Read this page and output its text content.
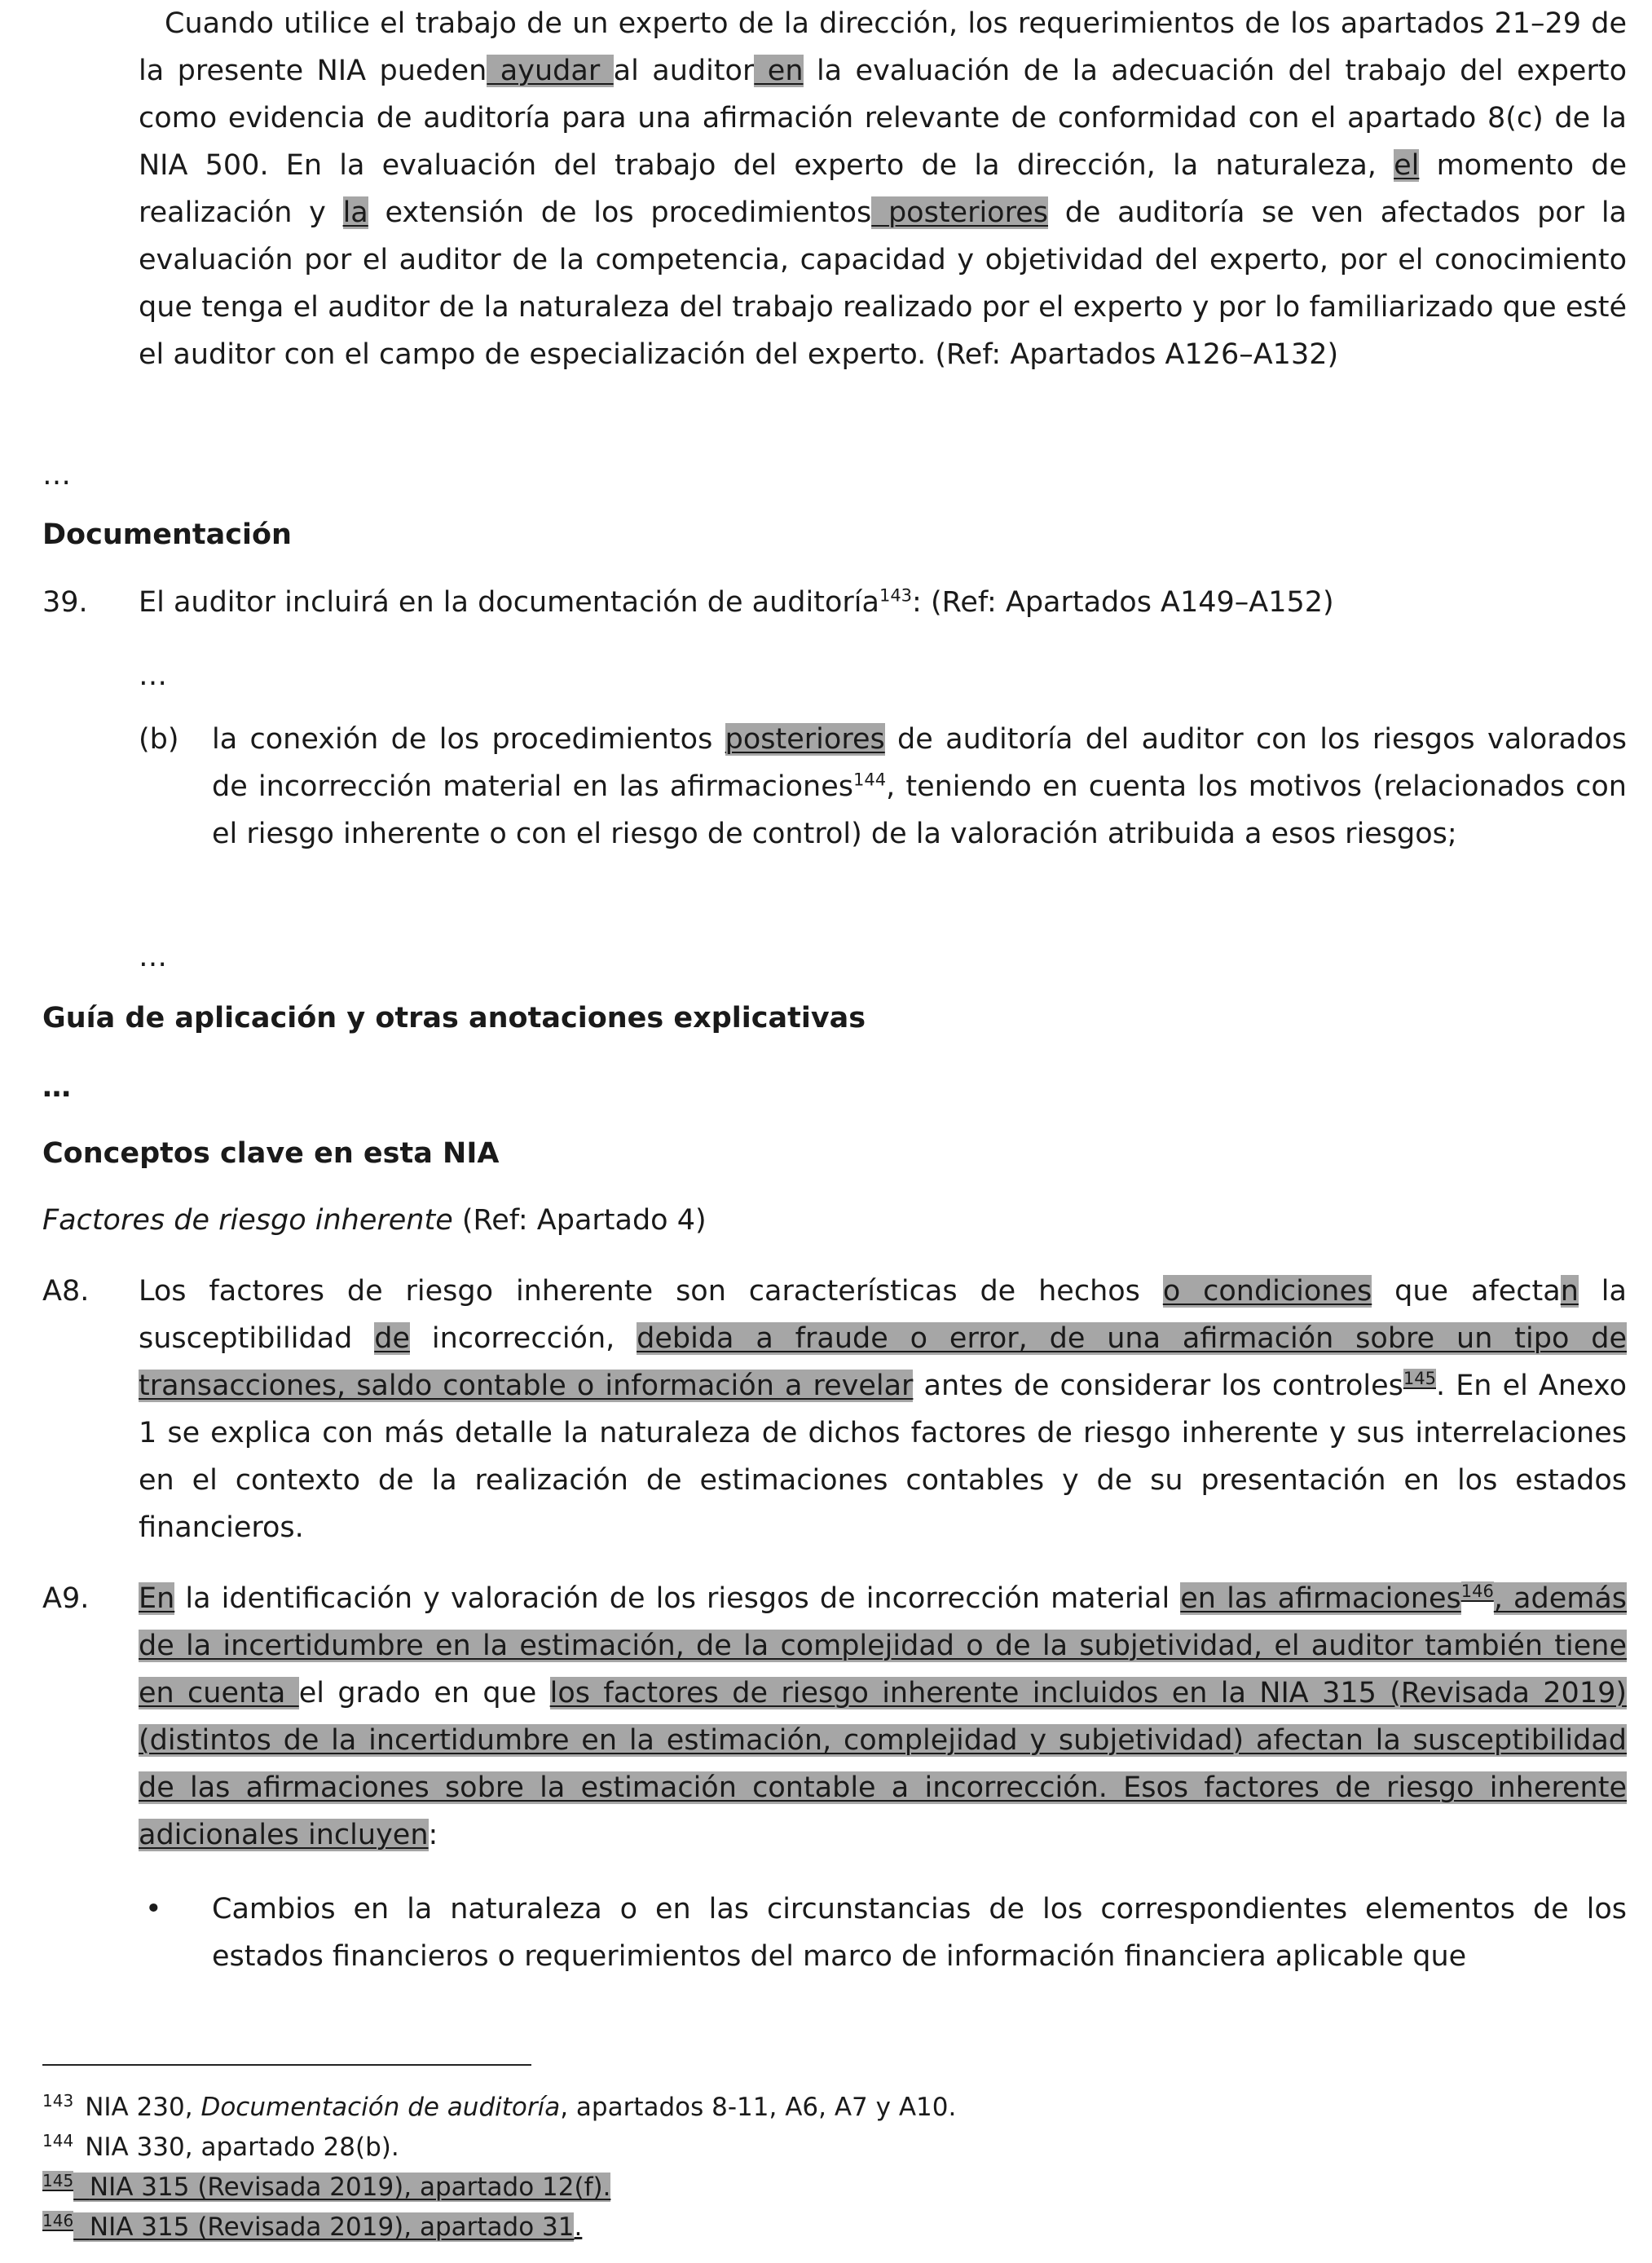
Cuando utilice el trabajo de un experto de la dirección, los requerimientos de los apartados 21–29 de la presente NIA pueden ayudar al auditor en la evaluación de la adecuación del trabajo del experto como evidencia de auditoría para una afirmación relevante de conformidad con el apartado 8(c) de la NIA 500. En la evaluación del trabajo del experto de la dirección, la naturaleza, el momento de realización y la extensión de los procedimientos posteriores de auditoría se ven afectados por la evaluación por el auditor de la competencia, capacidad y objetividad del experto, por el conocimiento que tenga el auditor de la naturaleza del trabajo realizado por el experto y por lo familiarizado que esté el auditor con el campo de especialización del experto. (Ref: Apartados A126–A132)
…
Documentación
39. El auditor incluirá en la documentación de auditoría$^{143}$: (Ref: Apartados A149–A152)
…
(b) la conexión de los procedimientos posteriores de auditoría del auditor con los riesgos valorados de incorrección material en las afirmaciones$^{144}$, teniendo en cuenta los motivos (relacionados con el riesgo inherente o con el riesgo de control) de la valoración atribuida a esos riesgos;
…
Guía de aplicación y otras anotaciones explicativas
…
Conceptos clave en esta NIA
Factores de riesgo inherente (Ref: Apartado 4)
A8. Los factores de riesgo inherente son características de hechos o condiciones que afectan la susceptibilidad de incorrección, debida a fraude o error, de una afirmación sobre un tipo de transacciones, saldo contable o información a revelar antes de considerar los controles$^{145}$. En el Anexo 1 se explica con más detalle la naturaleza de dichos factores de riesgo inherente y sus interrelaciones en el contexto de la realización de estimaciones contables y de su presentación en los estados financieros.
A9. En la identificación y valoración de los riesgos de incorrección material en las afirmaciones$^{146}$, además de la incertidumbre en la estimación, de la complejidad o de la subjetividad, el auditor también tiene en cuenta el grado en que los factores de riesgo inherente incluidos en la NIA 315 (Revisada 2019) (distintos de la incertidumbre en la estimación, complejidad y subjetividad) afectan la susceptibilidad de las afirmaciones sobre la estimación contable a incorrección. Esos factores de riesgo inherente adicionales incluyen:
• Cambios en la naturaleza o en las circunstancias de los correspondientes elementos de los estados financieros o requerimientos del marco de información financiera aplicable que
$^{143}$ NIA 230, Documentación de auditoría, apartados 8-11, A6, A7 y A10.
$^{144}$ NIA 330, apartado 28(b).
$^{145}$ NIA 315 (Revisada 2019), apartado 12(f).
$^{146}$ NIA 315 (Revisada 2019), apartado 31.
